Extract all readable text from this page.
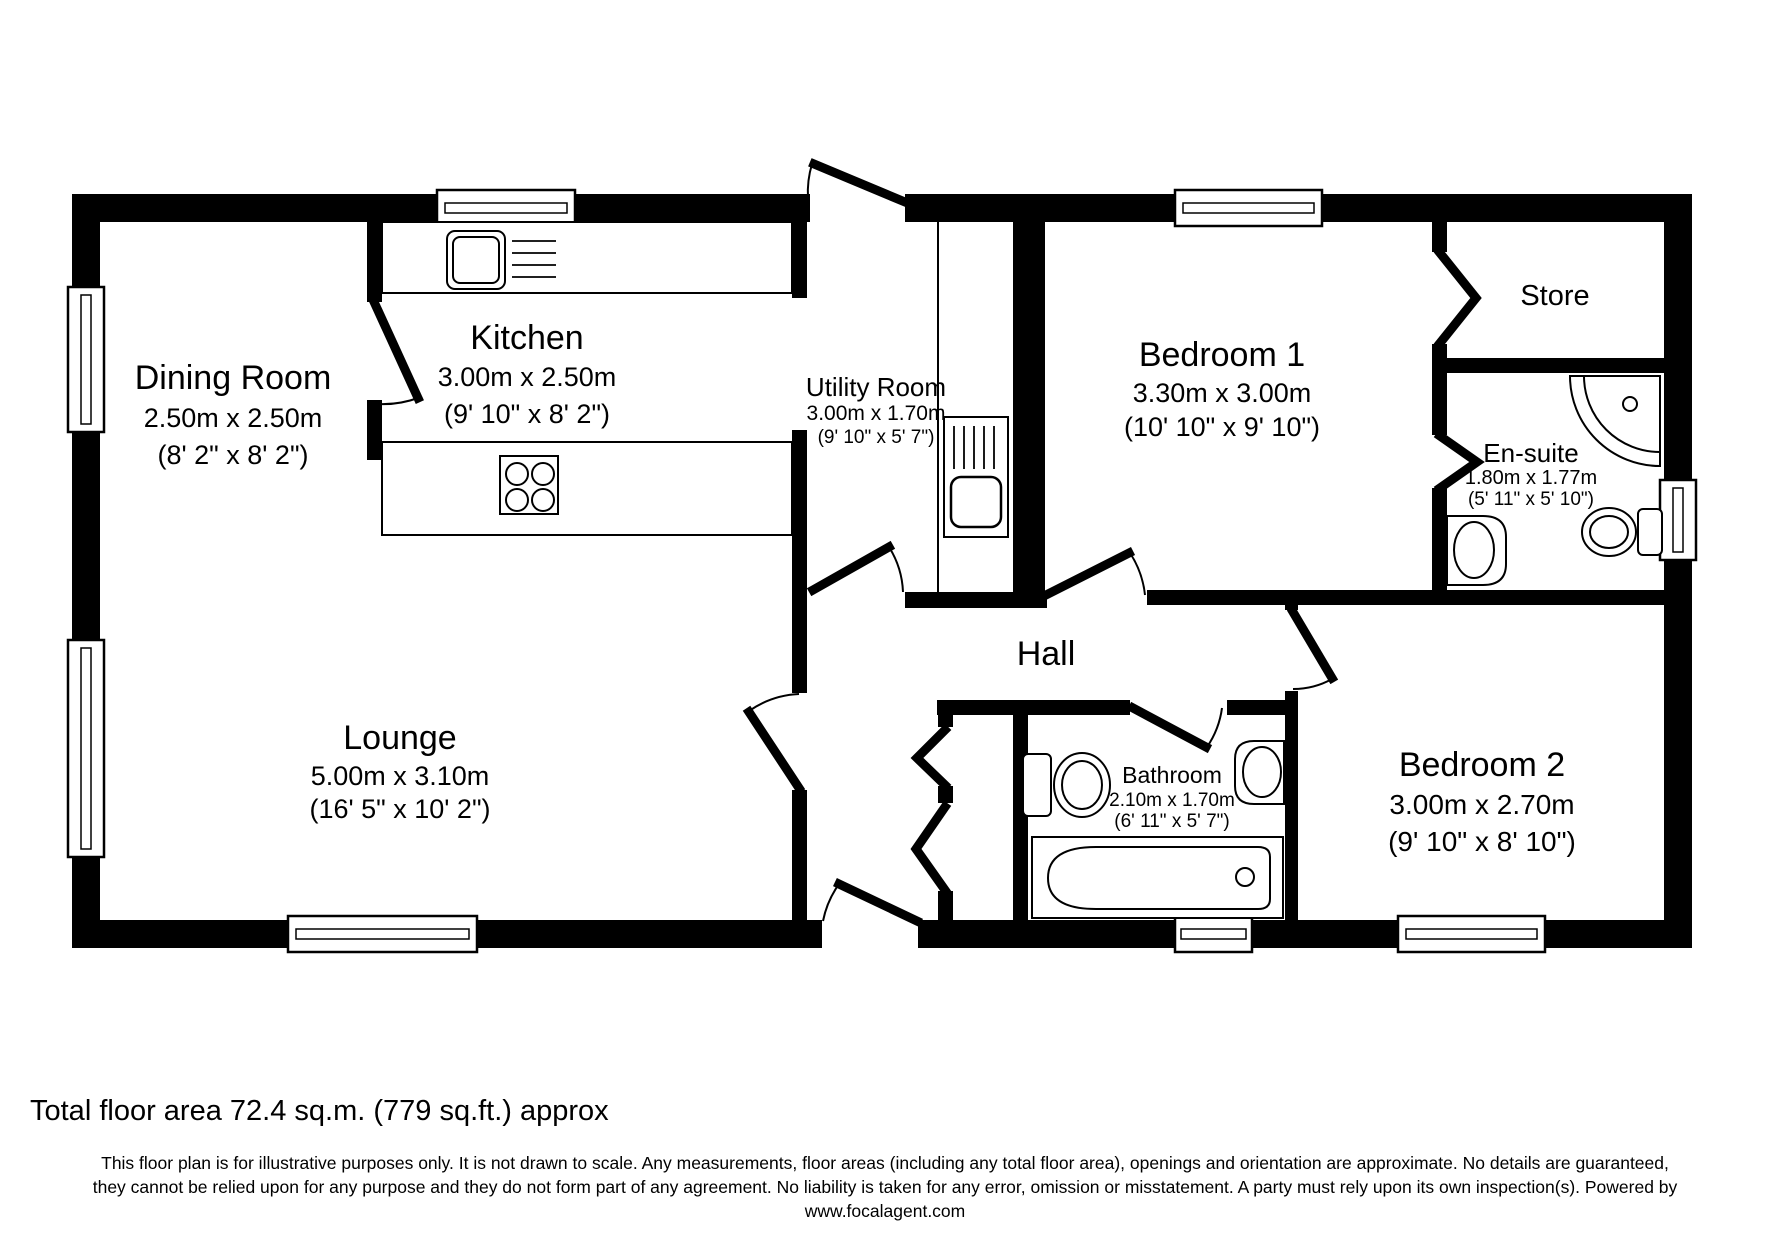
Dining Room
2.50m x 2.50m
(8' 2" x 8' 2")
Kitchen
3.00m x 2.50m
(9' 10" x 8' 2")
Utility Room
3.00m x 1.70m
(9' 10" x 5' 7")
Bedroom 1
3.30m x 3.00m
(10' 10" x 9' 10")
Store
En-suite
1.80m x 1.77m
(5' 11" x 5' 10")
Hall
Lounge
5.00m x 3.10m
(16' 5" x 10' 2")
Bathroom
2.10m x 1.70m
(6' 11" x 5' 7")
Bedroom 2
3.00m x 2.70m
(9' 10" x 8' 10")
Total floor area 72.4 sq.m. (779 sq.ft.) approx
This floor plan is for illustrative purposes only. It is not drawn to scale. Any measurements, floor areas (including any total floor area), openings and orientation are approximate. No details are guaranteed,
they cannot be relied upon for any purpose and they do not form part of any agreement. No liability is taken for any error, omission or misstatement. A party must rely upon its own inspection(s). Powered by
www.focalagent.com
